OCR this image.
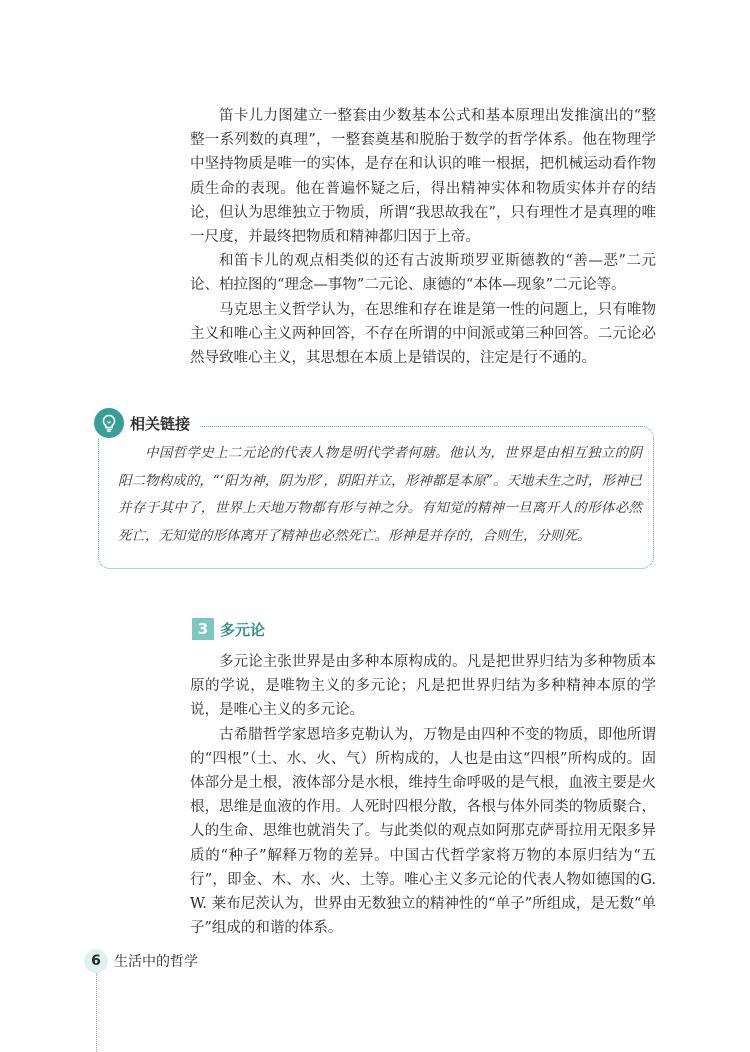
笛卡儿力图建立一整套由少数基本公式和基本原理出发推演出的“整整一系列数的真理”，一整套奠基和脱胎于数学的哲学体系。他在物理学中坚持物质是唯一的实体，是存在和认识的唯一根据，把机械运动看作物质生命的表现。他在普遍怀疑之后，得出精神实体和物质实体并存的结论，但认为思维独立于物质，所谓“我思故我在”，只有理性才是真理的唯一尺度，并最终把物质和精神都归因于上帝。

和笛卡儿的观点相类似的还有古波斯琐罗亚斯德教的“善—恶”二元论、柏拉图的“理念—事物”二元论、康德的“本体—现象”二元论等。

马克思主义哲学认为，在思维和存在谁是第一性的问题上，只有唯物主义和唯心主义两种回答，不存在所谓的中间派或第三种回答。二元论必然导致唯心主义，其思想在本质上是错误的，注定是行不通的。

相关链接

中国哲学史上二元论的代表人物是明代学者何瑭。他认为，世界是由相互独立的阴阳二物构成的，“‘阳为神，阴为形’，阴阳并立，形神都是本原”。天地未生之时，形神已并存于其中了，世界上天地万物都有形与神之分。有知觉的精神一旦离开人的形体必然死亡，无知觉的形体离开了精神也必然死亡。形神是并存的，合则生，分则死。

3 多元论

多元论主张世界是由多种本原构成的。凡是把世界归结为多种物质本原的学说，是唯物主义的多元论；凡是把世界归结为多种精神本原的学说，是唯心主义的多元论。

古希腊哲学家恩培多克勒认为，万物是由四种不变的物质，即他所谓的“四根”（土、水、火、气）所构成的，人也是由这“四根”所构成的。固体部分是土根，液体部分是水根，维持生命呼吸的是气根，血液主要是火根，思维是血液的作用。人死时四根分散，各根与体外同类的物质聚合，人的生命、思维也就消失了。与此类似的观点如阿那克萨哥拉用无限多异质的“种子”解释万物的差异。中国古代哲学家将万物的本原归结为“五行”，即金、木、水、火、土等。唯心主义多元论的代表人物如德国的G. W. 莱布尼茨认为，世界由无数独立的精神性的“单子”所组成，是无数“单子”组成的和谐的体系。

6 生活中的哲学
